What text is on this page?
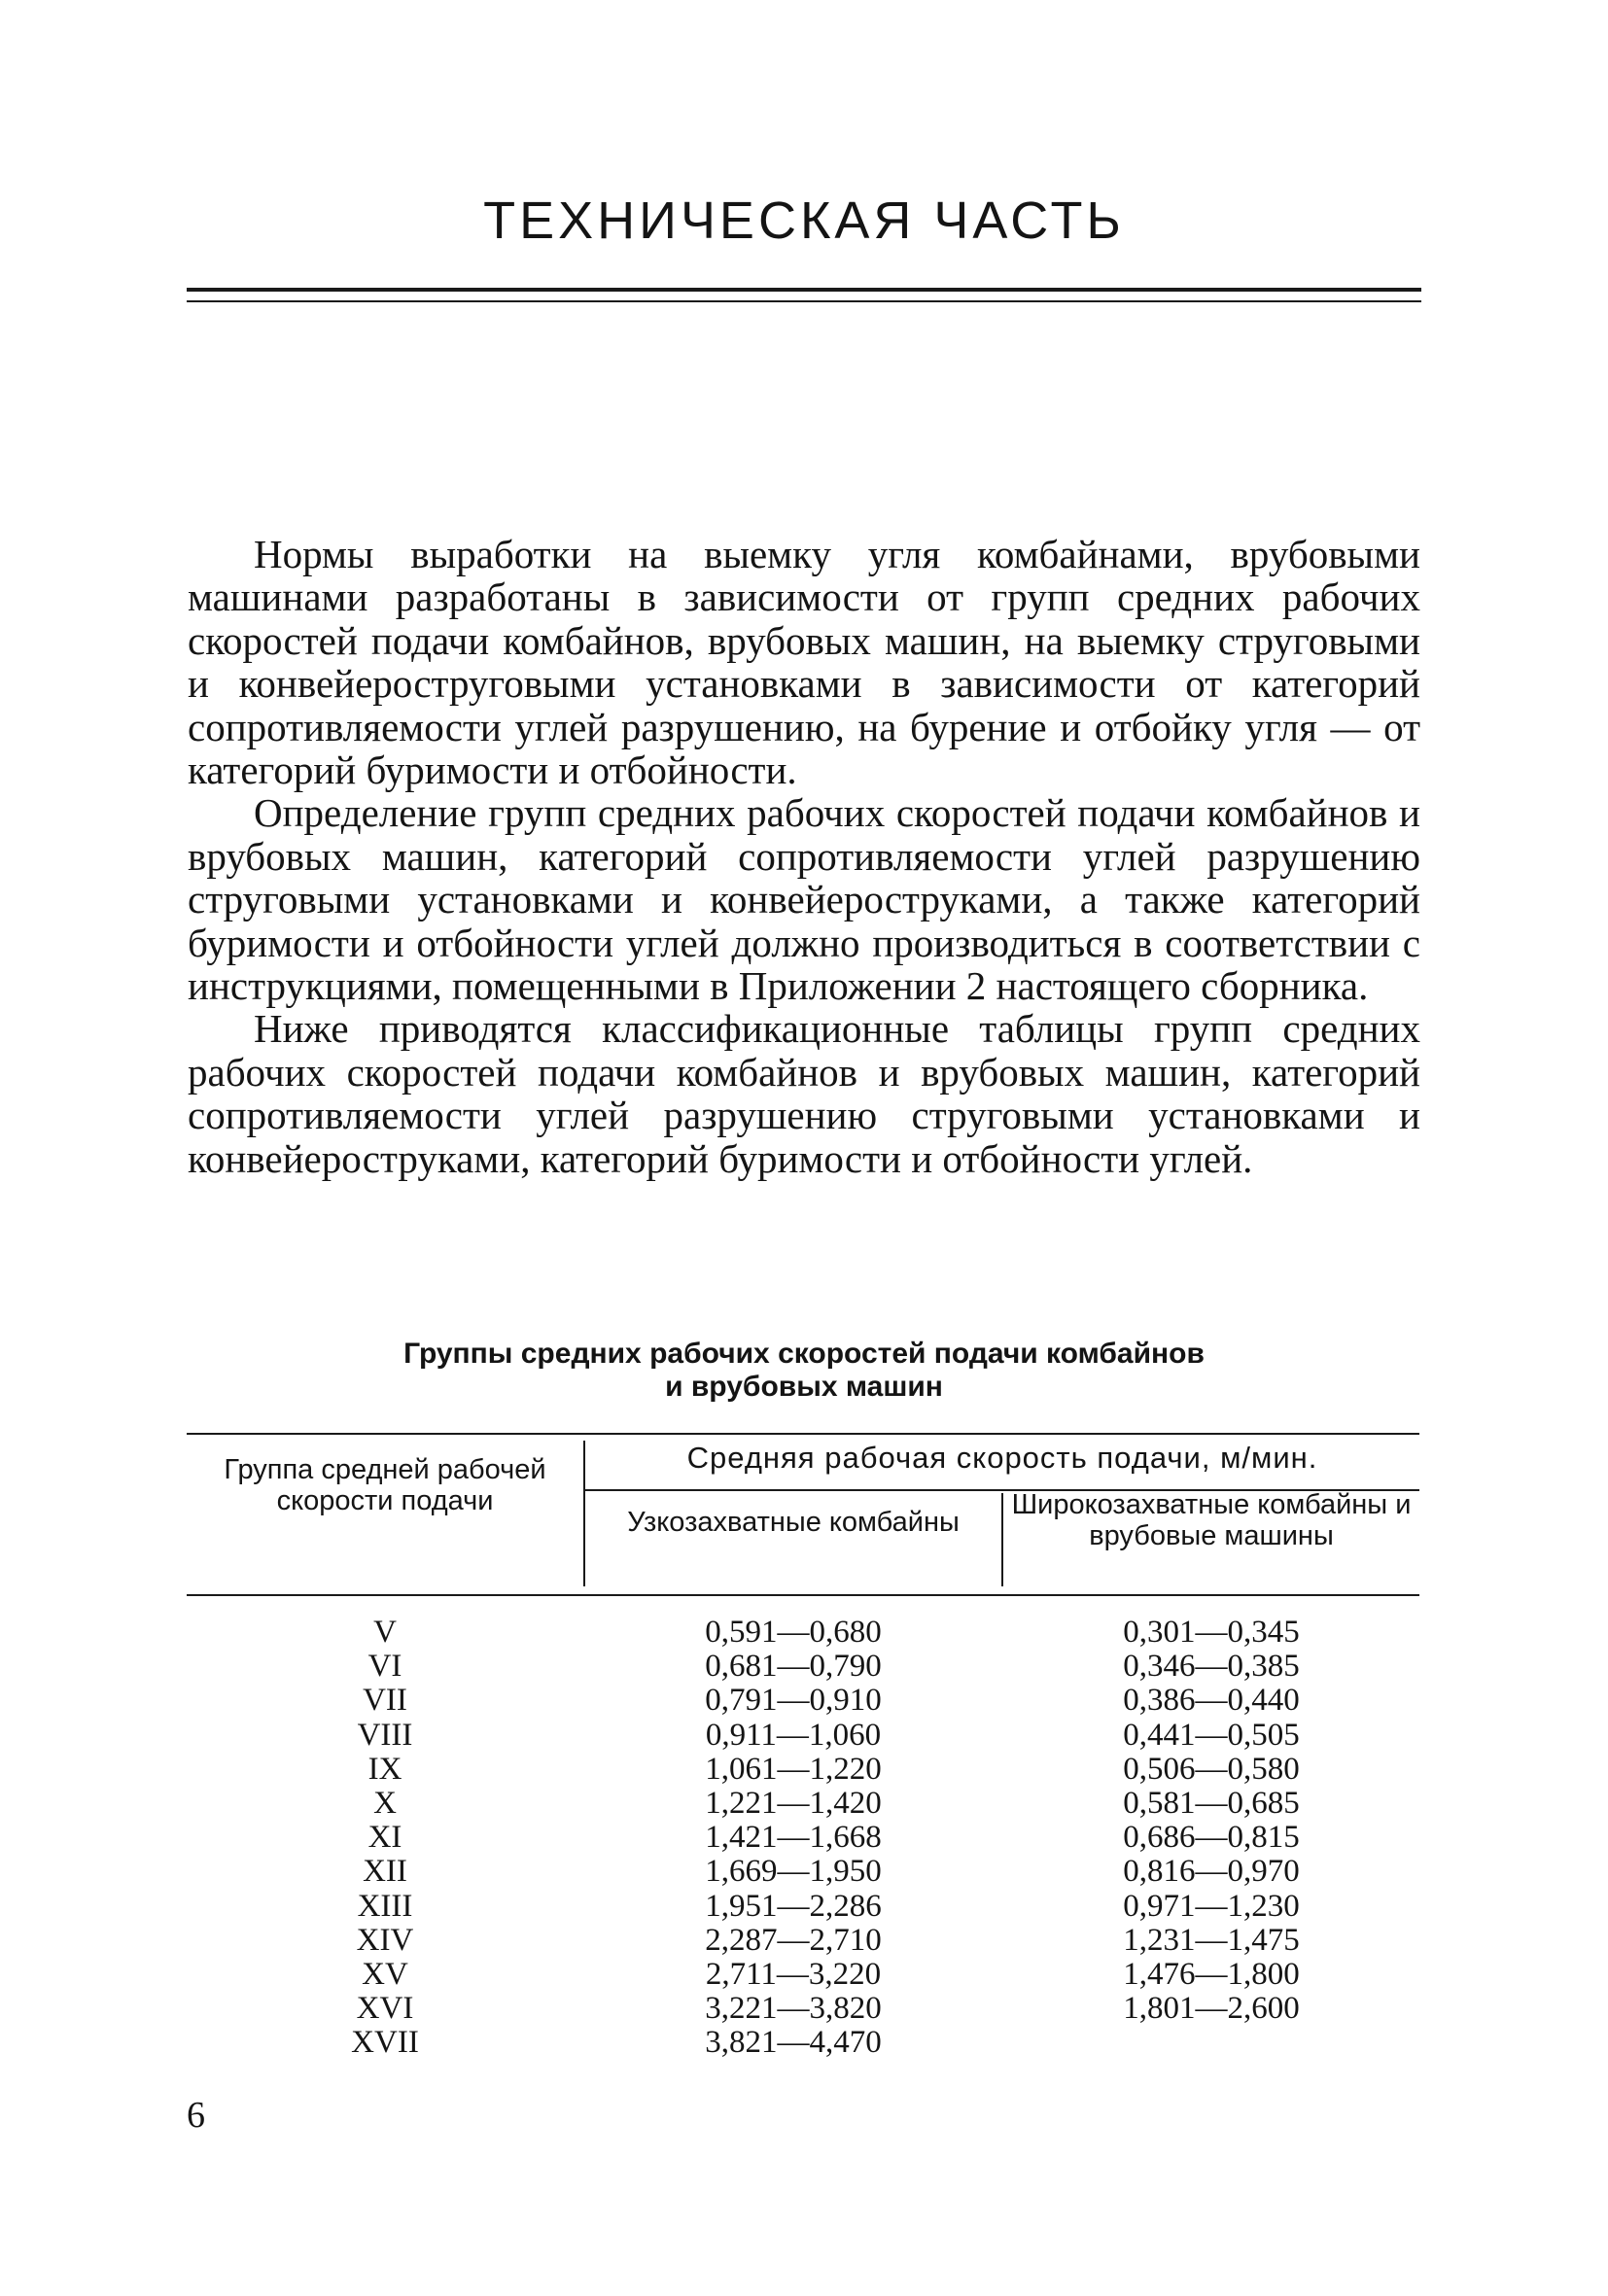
ТЕХНИЧЕСКАЯ ЧАСТЬ

Нормы выработки на выемку угля комбайнами, врубовыми машинами разработаны в зависимости от групп средних рабочих скоростей подачи комбайнов, врубовых машин, на выемку струговыми и конвейероструговыми установками в зависимости от категорий сопротивляемости углей разрушению, на бурение и отбойку угля — от категорий буримости и отбойности.

Определение групп средних рабочих скоростей подачи комбайнов и врубовых машин, категорий сопротивляемости углей разрушению струговыми установками и конвейероструками, а также категорий буримости и отбойности углей должно производиться в соответствии с инструкциями, помещенными в Приложении 2 настоящего сборника.

Ниже приводятся классификационные таблицы групп средних рабочих скоростей подачи комбайнов и врубовых машин, категорий сопротивляемости углей разрушению струговыми установками и конвейероструками, категорий буримости и отбойности углей.

Группы средних рабочих скоростей подачи комбайнов
и врубовых машин
Группа средней рабочей скорости подачи
Средняя рабочая скорость подачи, м/мин.
Узкозахватные комбайны
Широкозахватные комбайны и врубовые машины
V	0,591—0,680	0,301—0,345
VI	0,681—0,790	0,346—0,385
VII	0,791—0,910	0,386—0,440
VIII	0,911—1,060	0,441—0,505
IX	1,061—1,220	0,506—0,580
X	1,221—1,420	0,581—0,685
XI	1,421—1,668	0,686—0,815
XII	1,669—1,950	0,816—0,970
XIII	1,951—2,286	0,971—1,230
XIV	2,287—2,710	1,231—1,475
XV	2,711—3,220	1,476—1,800
XVI	3,221—3,820	1,801—2,600
XVII	3,821—4,470
6
